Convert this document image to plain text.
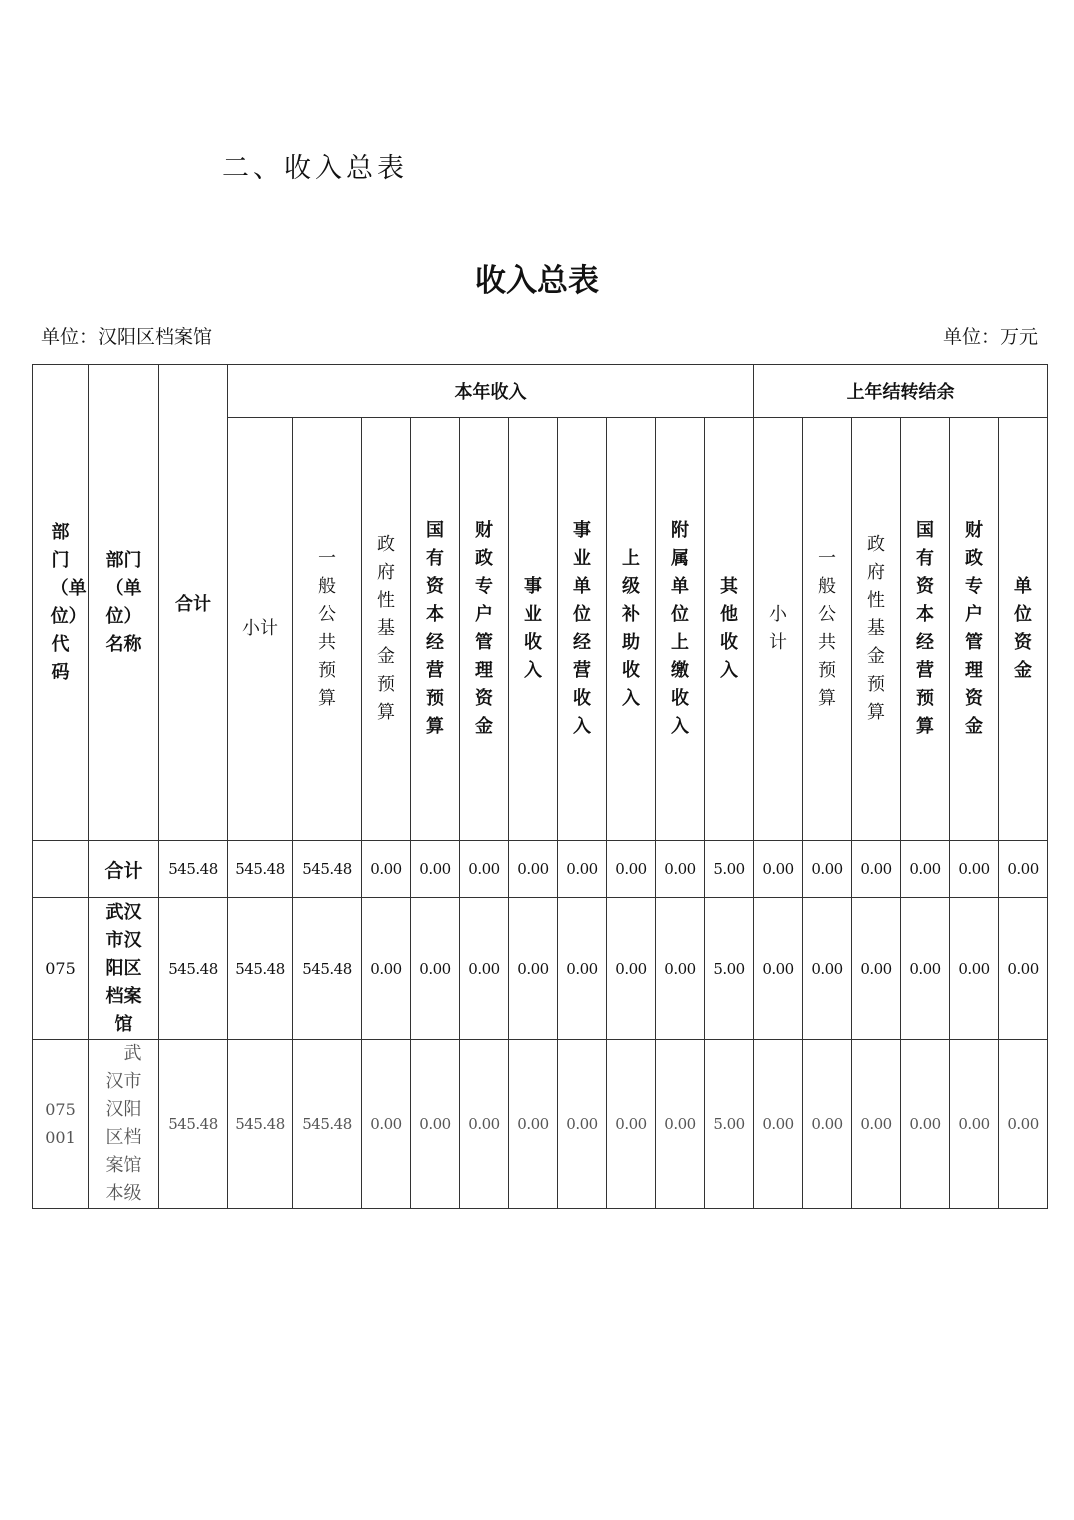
二、收入总表
收入总表
单位：汉阳区档案馆	单位：万元
部门（单位）代码	部门（单位）名称	合计	本年收入										上年结转结余					
			小计	一般公共预算	政府性基金预算	国有资本经营预算	财政专户管理资金	事业收入	事业单位经营收入	上级补助收入	附属单位上缴收入	其他收入	小计	一般公共预算	政府性基金预算	国有资本经营预算	财政专户管理资金	单位资金
	合计	545.48	545.48	545.48	0.00	0.00	0.00	0.00	0.00	0.00	0.00	5.00	0.00	0.00	0.00	0.00	0.00	0.00
075	武汉市汉阳区档案馆	545.48	545.48	545.48	0.00	0.00	0.00	0.00	0.00	0.00	0.00	5.00	0.00	0.00	0.00	0.00	0.00	0.00
075001	武汉市汉阳区档案馆本级	545.48	545.48	545.48	0.00	0.00	0.00	0.00	0.00	0.00	0.00	5.00	0.00	0.00	0.00	0.00	0.00	0.00
